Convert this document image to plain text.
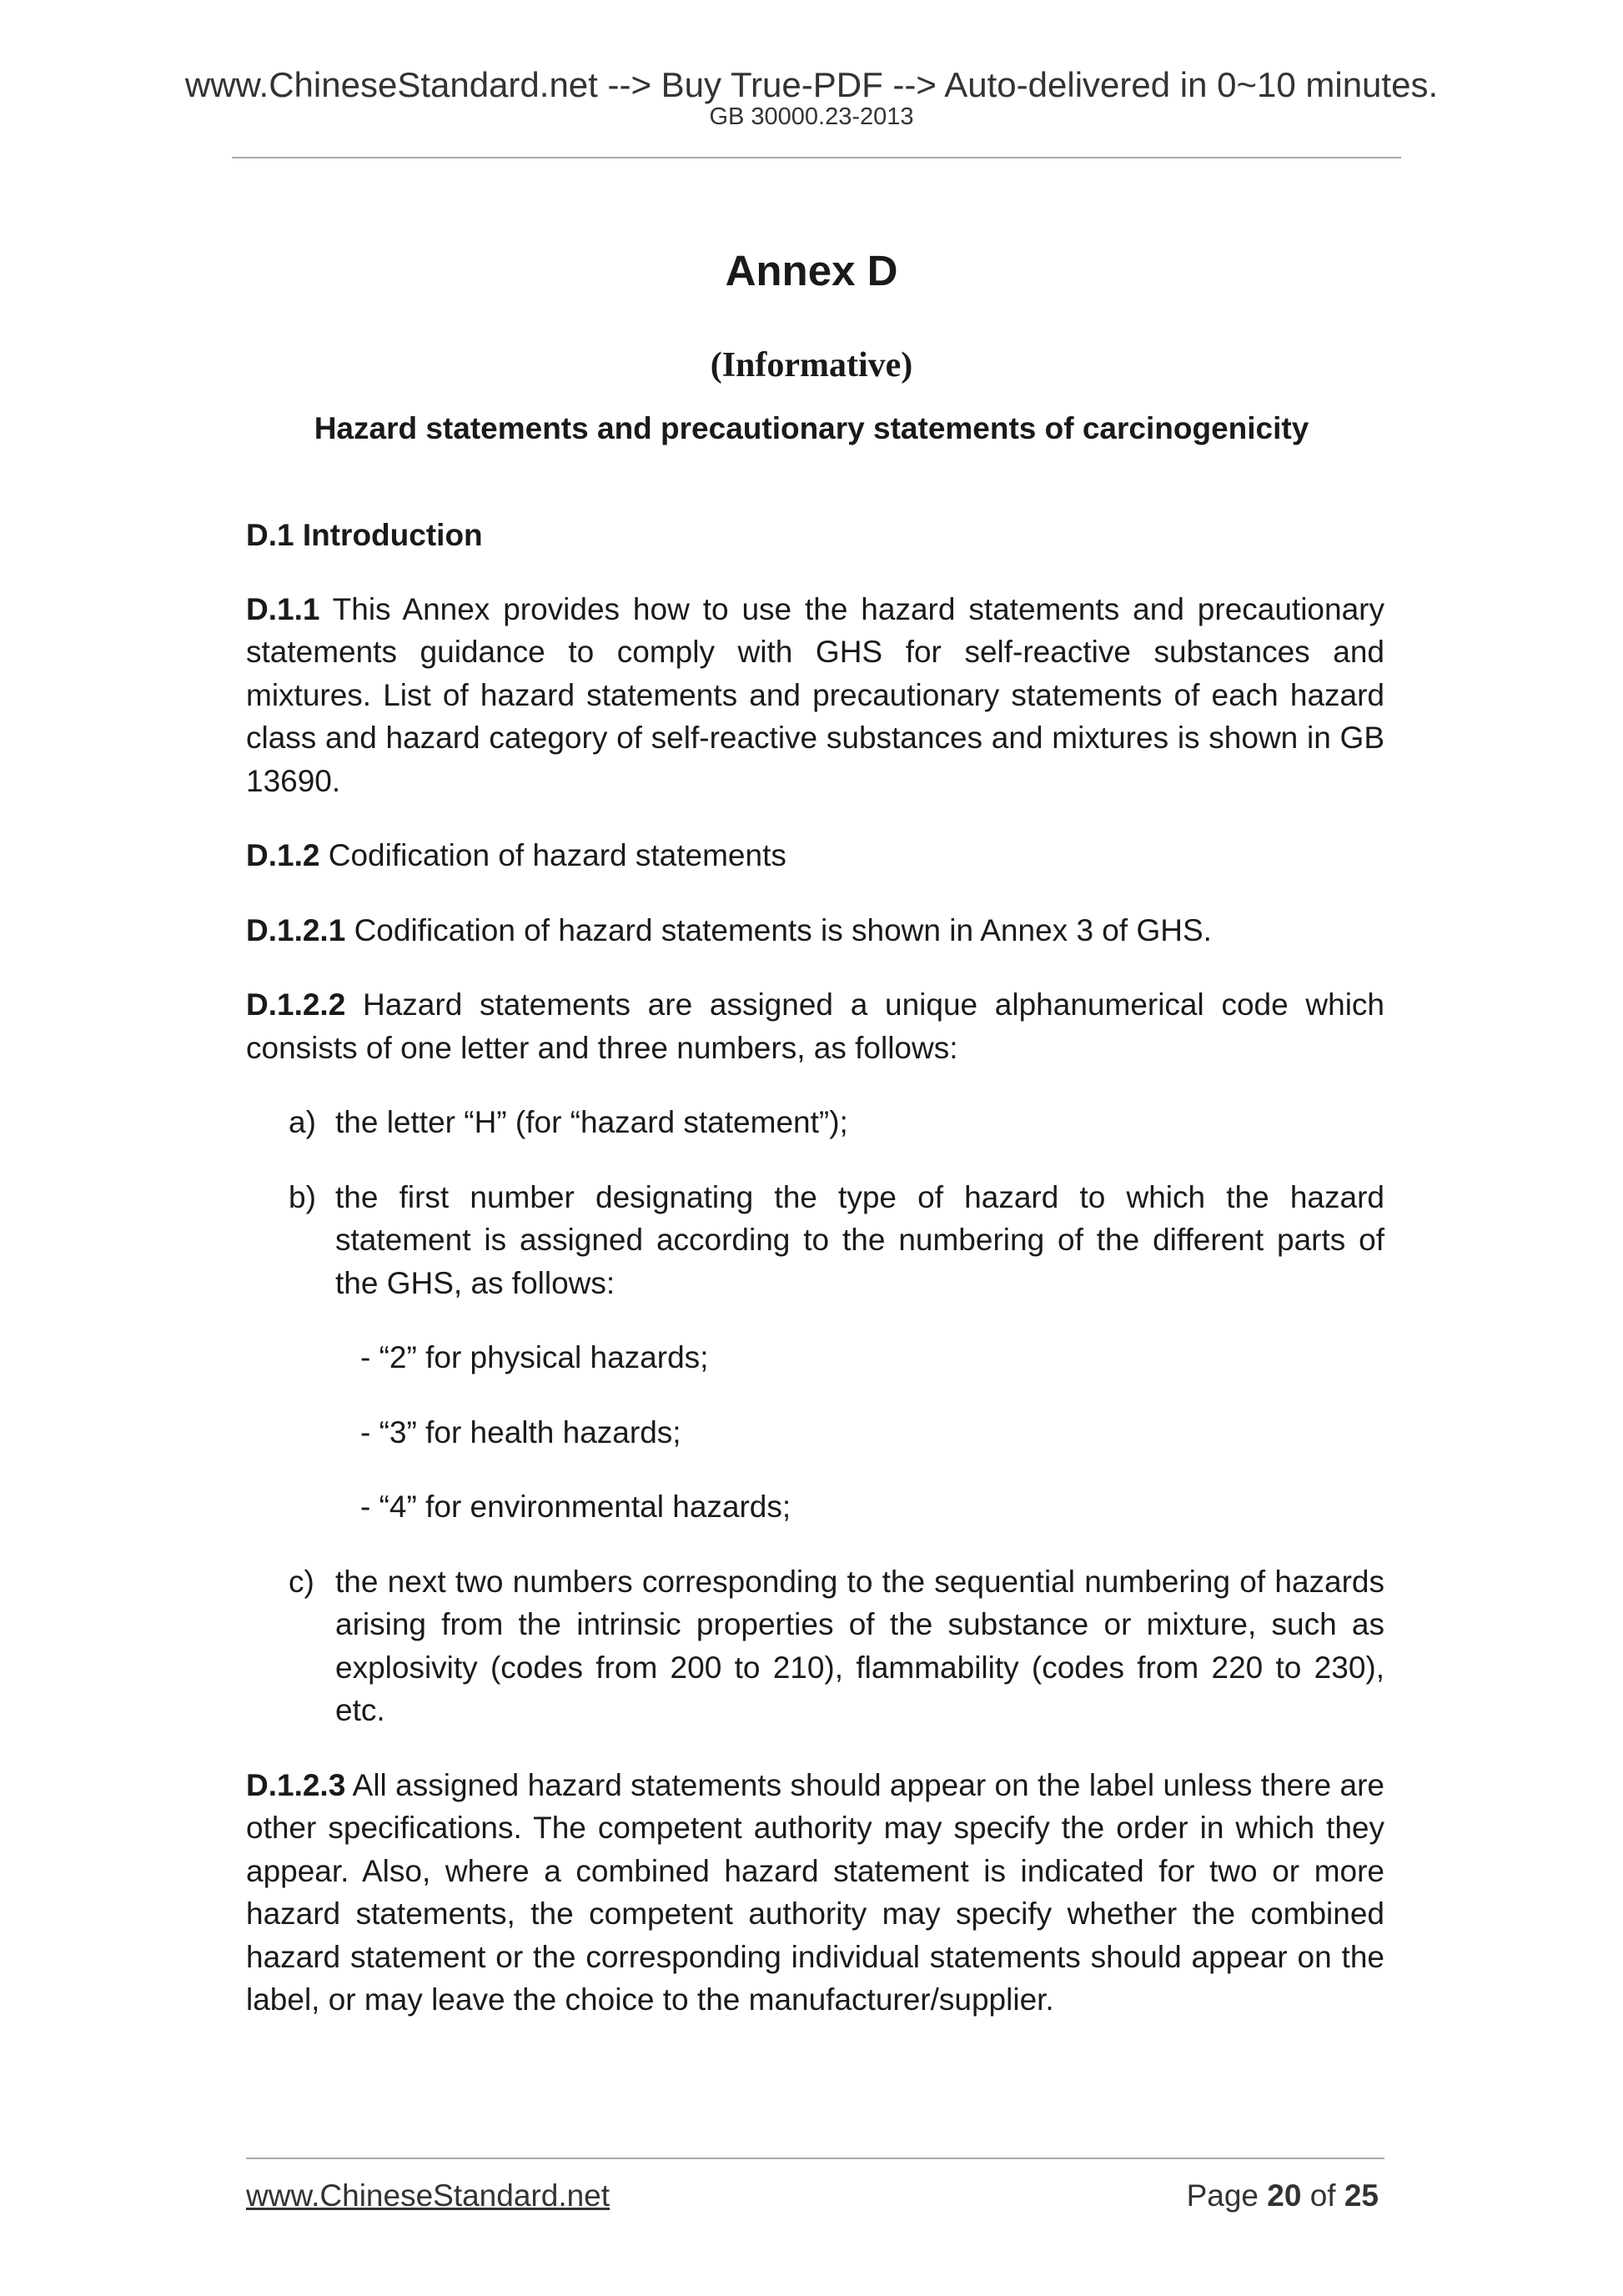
www.ChineseStandard.net --> Buy True-PDF --> Auto-delivered in 0~10 minutes.
GB 30000.23-2013
Annex D
(Informative)
Hazard statements and precautionary statements of carcinogenicity

D.1 Introduction

D.1.1 This Annex provides how to use the hazard statements and precautionary statements guidance to comply with GHS for self-reactive substances and mixtures. List of hazard statements and precautionary statements of each hazard class and hazard category of self-reactive substances and mixtures is shown in GB 13690.

D.1.2 Codification of hazard statements

D.1.2.1 Codification of hazard statements is shown in Annex 3 of GHS.

D.1.2.2 Hazard statements are assigned a unique alphanumerical code which consists of one letter and three numbers, as follows:

a) the letter “H” (for “hazard statement”);

b) the first number designating the type of hazard to which the hazard statement is assigned according to the numbering of the different parts of the GHS, as follows:

- “2” for physical hazards;

- “3” for health hazards;

- “4” for environmental hazards;

c) the next two numbers corresponding to the sequential numbering of hazards arising from the intrinsic properties of the substance or mixture, such as explosivity (codes from 200 to 210), flammability (codes from 220 to 230), etc.

D.1.2.3 All assigned hazard statements should appear on the label unless there are other specifications. The competent authority may specify the order in which they appear. Also, where a combined hazard statement is indicated for two or more hazard statements, the competent authority may specify whether the combined hazard statement or the corresponding individual statements should appear on the label, or may leave the choice to the manufacturer/supplier.

www.ChineseStandard.net	Page 20 of 25
